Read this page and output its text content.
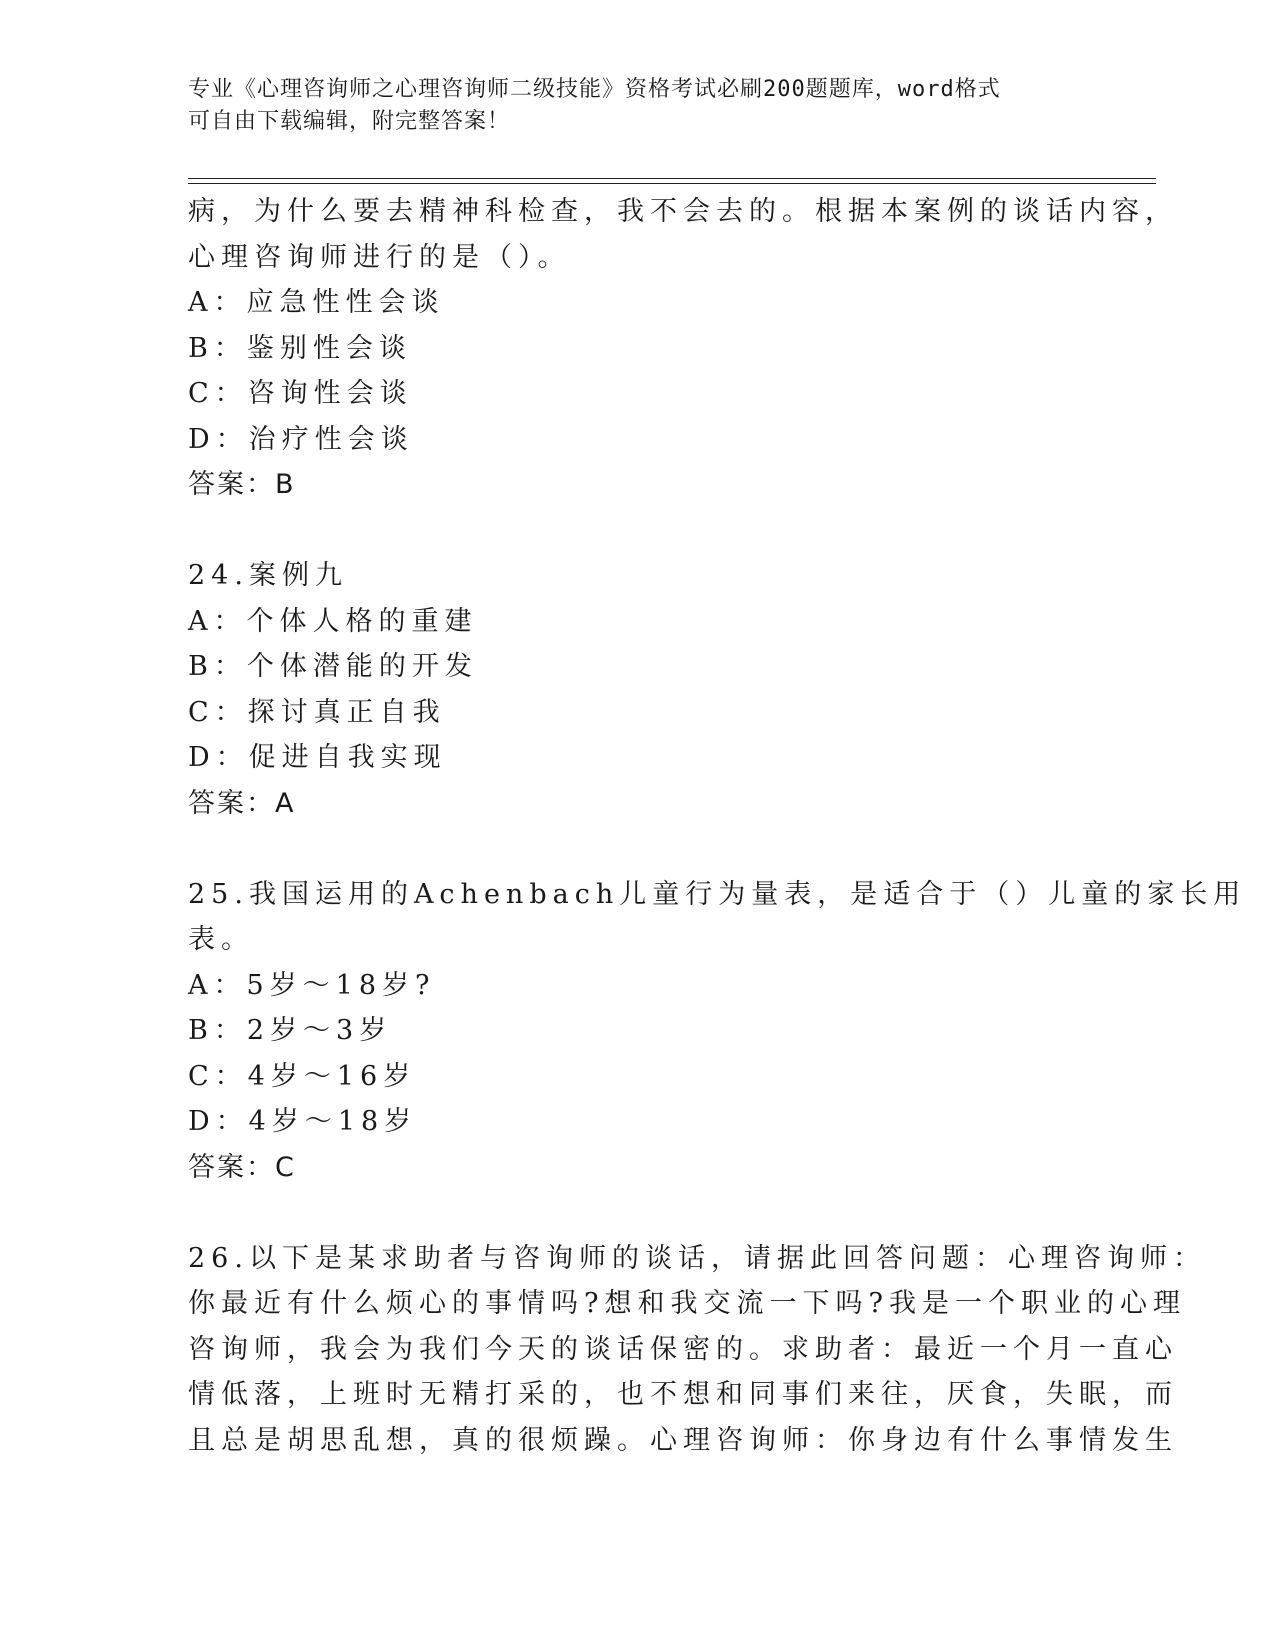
专业《心理咨询师之心理咨询师二级技能》资格考试必刷200题题库，word格式
可自由下载编辑，附完整答案！
病，为什么要去精神科检查，我不会去的。根据本案例的谈话内容，
心理咨询师进行的是（）。
A：应急性性会谈
B：鉴别性会谈
C：咨询性会谈
D：治疗性会谈
答案：B
24.案例九
A：个体人格的重建
B：个体潜能的开发
C：探讨真正自我
D：促进自我实现
答案：A
25.我国运用的Achenbach儿童行为量表，是适合于（）儿童的家长用
表。
A：5岁～18岁?
B：2岁～3岁
C：4岁～16岁
D：4岁～18岁
答案：C
26.以下是某求助者与咨询师的谈话，请据此回答问题：心理咨询师：
你最近有什么烦心的事情吗?想和我交流一下吗?我是一个职业的心理
咨询师，我会为我们今天的谈话保密的。求助者：最近一个月一直心
情低落，上班时无精打采的，也不想和同事们来往，厌食，失眠，而
且总是胡思乱想，真的很烦躁。心理咨询师：你身边有什么事情发生
